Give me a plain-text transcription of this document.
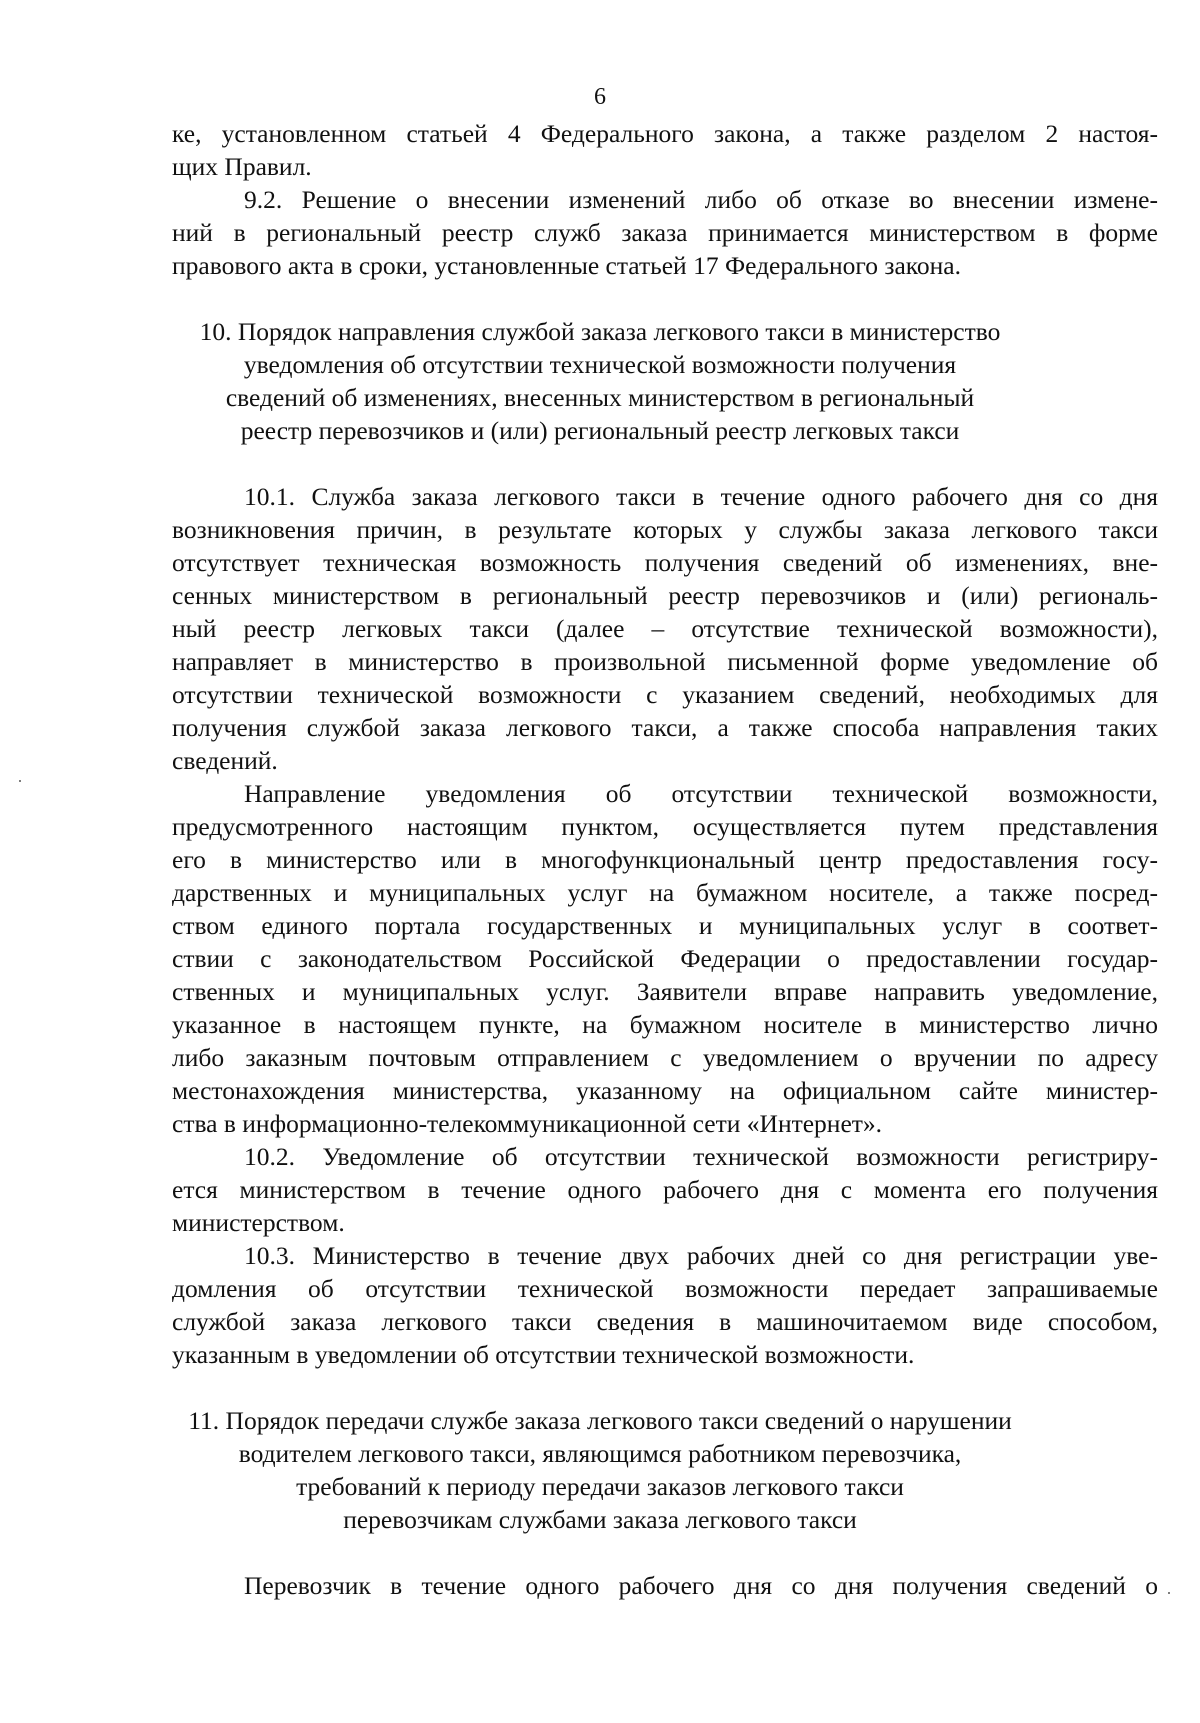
6
ке, установленном статьей 4 Федерального закона, а также разделом 2 настоя-
щих Правил.
9.2. Решение о внесении изменений либо об отказе во внесении измене-
ний в региональный реестр служб заказа принимается министерством в форме
правового акта в сроки, установленные статьей 17 Федерального закона.
10. Порядок направления службой заказа легкового такси в министерство
уведомления об отсутствии технической возможности получения
сведений об изменениях, внесенных министерством в региональный
реестр перевозчиков и (или) региональный реестр легковых такси
10.1. Служба заказа легкового такси в течение одного рабочего дня со дня
возникновения причин, в результате которых у службы заказа легкового такси
отсутствует техническая возможность получения сведений об изменениях, вне-
сенных министерством в региональный реестр перевозчиков и (или) региональ-
ный реестр легковых такси (далее – отсутствие технической возможности),
направляет в министерство в произвольной письменной форме уведомление об
отсутствии технической возможности с указанием сведений, необходимых для
получения службой заказа легкового такси, а также способа направления таких
сведений.
Направление уведомления об отсутствии технической возможности,
предусмотренного настоящим пунктом, осуществляется путем представления
его в министерство или в многофункциональный центр предоставления госу-
дарственных и муниципальных услуг на бумажном носителе, а также посред-
ством единого портала государственных и муниципальных услуг в соответ-
ствии с законодательством Российской Федерации о предоставлении государ-
ственных и муниципальных услуг. Заявители вправе направить уведомление,
указанное в настоящем пункте, на бумажном носителе в министерство лично
либо заказным почтовым отправлением с уведомлением о вручении по адресу
местонахождения министерства, указанному на официальном сайте министер-
ства в информационно-телекоммуникационной сети «Интернет».
10.2. Уведомление об отсутствии технической возможности регистриру-
ется министерством в течение одного рабочего дня с момента его получения
министерством.
10.3. Министерство в течение двух рабочих дней со дня регистрации уве-
домления об отсутствии технической возможности передает запрашиваемые
службой заказа легкового такси сведения в машиночитаемом виде способом,
указанным в уведомлении об отсутствии технической возможности.
11. Порядок передачи службе заказа легкового такси сведений о нарушении
водителем легкового такси, являющимся работником перевозчика,
требований к периоду передачи заказов легкового такси
перевозчикам службами заказа легкового такси
Перевозчик в течение одного рабочего дня со дня получения сведений о
